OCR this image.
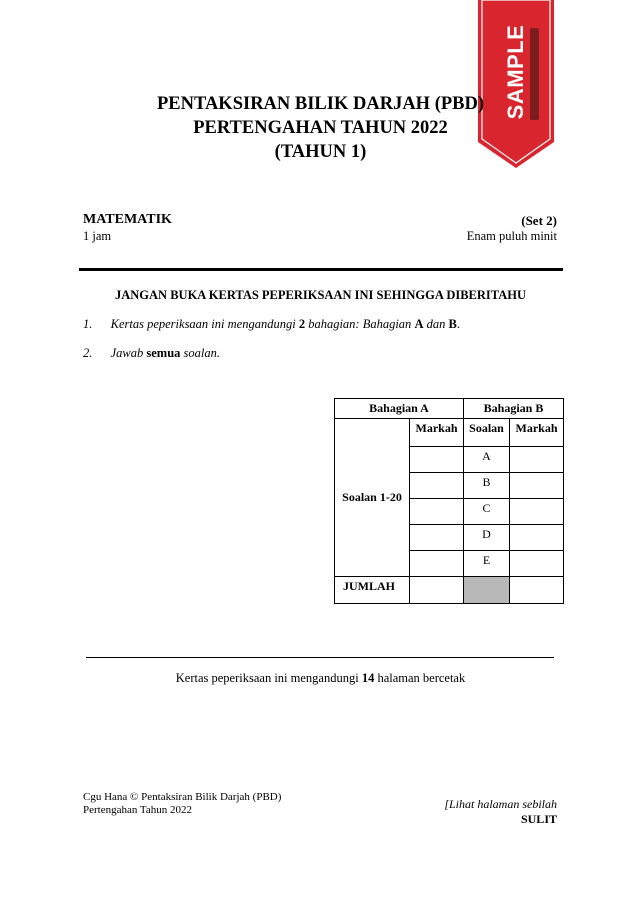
SAMPLE
PENTAKSIRAN BILIK DARJAH (PBD)
PERTENGAHAN TAHUN 2022
(TAHUN 1)
MATEMATIK	(Set 2)
1 jam	Enam puluh minit
JANGAN BUKA KERTAS PEPERIKSAAN INI SEHINGGA DIBERITAHU
1. Kertas peperiksaan ini mengandungi 2 bahagian: Bahagian A dan B.
2. Jawab semua soalan.
Bahagian A		Bahagian B	
Soalan 1-20	Markah	Soalan	Markah
		A	
		B	
		C	
		D	
		E	
JUMLAH			
Kertas peperiksaan ini mengandungi 14 halaman bercetak
Cgu Hana © Pentaksiran Bilik Darjah (PBD)
Pertengahan Tahun 2022	[Lihat halaman sebilah
SULIT
